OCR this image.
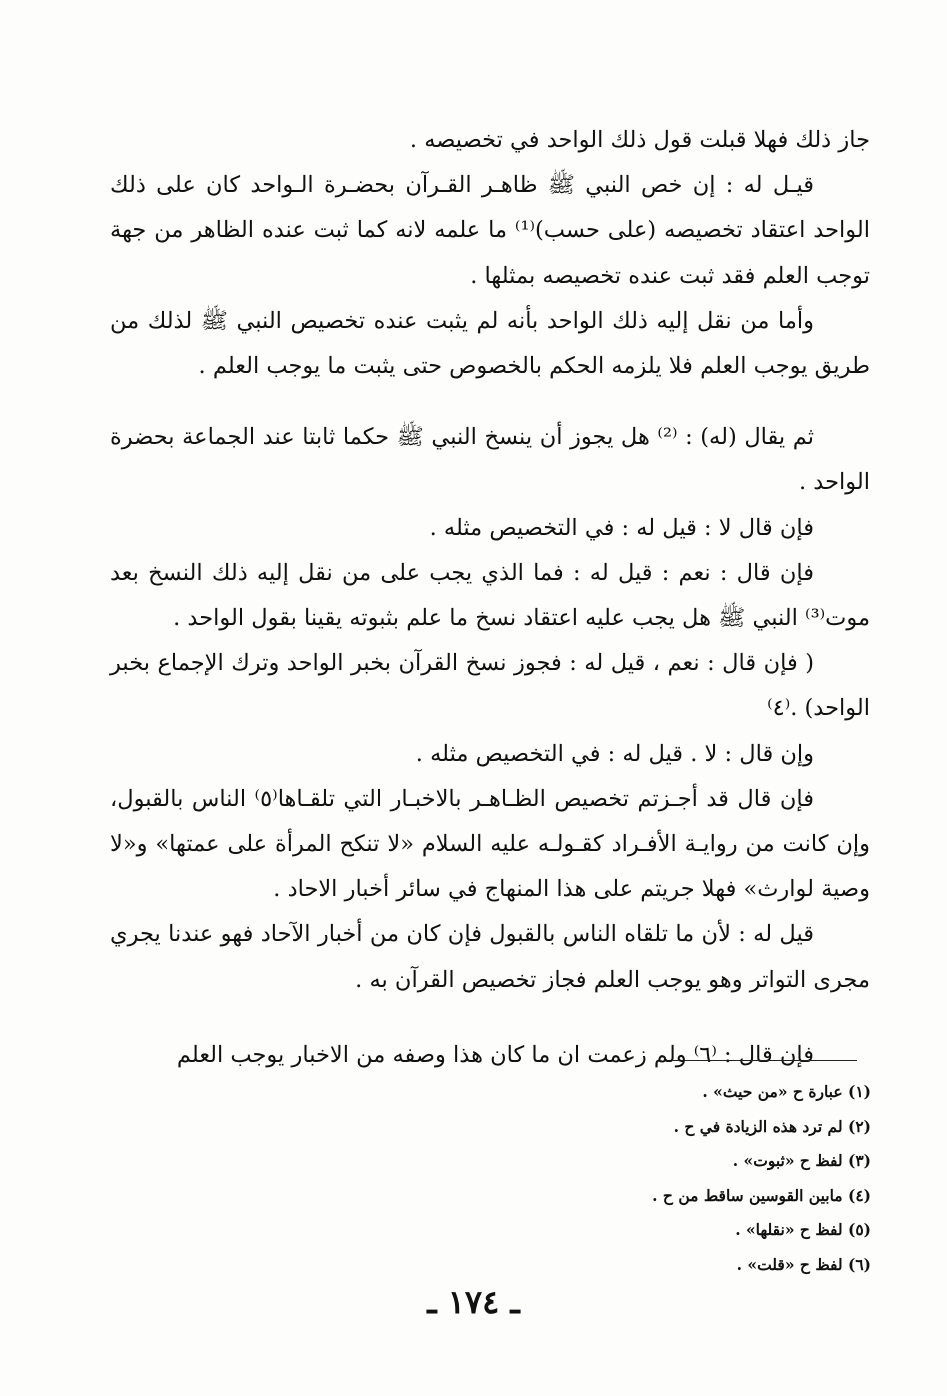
جاز ذلك فهلا قبلت قول ذلك الواحد في تخصيصه .

قيـل له : إن خص النبي ﷺ ظاهـر القـرآن بحضـرة الـواحد كان على ذلك الواحد اعتقاد تخصيصه (على حسب)⁽¹⁾ ما علمه لانه كما ثبت عنده الظاهر من جهة توجب العلم فقد ثبت عنده تخصيصه بمثلها .

وأما من نقل إليه ذلك الواحد بأنه لم يثبت عنده تخصيص النبي ﷺ لذلك من طريق يوجب العلم فلا يلزمه الحكم بالخصوص حتى يثبت ما يوجب العلم .

ثم يقال (له) : ⁽²⁾ هل يجوز أن ينسخ النبي ﷺ حكما ثابتا عند الجماعة بحضرة الواحد .

فإن قال لا : قيل له : في التخصيص مثله .

فإن قال : نعم : قيل له : فما الذي يجب على من نقل إليه ذلك النسخ بعد موت⁽³⁾ النبي ﷺ هل يجب عليه اعتقاد نسخ ما علم بثبوته يقينا بقول الواحد .

( فإن قال : نعم ، قيل له : فجوز نسخ القرآن بخبر الواحد وترك الإجماع بخبر الواحد) .⁽٤⁾

وإن قال : لا . قيل له : في التخصيص مثله .

فإن قال قد أجـزتم تخصيص الظـاهـر بالاخبـار التي تلقـاها⁽٥⁾ الناس بالقبول، وإن كانت من روايـة الأفـراد كقـولـه عليه السلام «لا تنكح المرأة على عمتها» و«لا وصية لوارث» فهلا جريتم على هذا المنهاج في سائر أخبار الاحاد .

قيل له : لأن ما تلقاه الناس بالقبول فإن كان من أخبار الآحاد فهو عندنا يجري مجرى التواتر وهو يوجب العلم فجاز تخصيص القرآن به .

فإن قال : ⁽٦⁾ ولم زعمت ان ما كان هذا وصفه من الاخبار يوجب العلم

(١) عبارة ح «من حيث» .

(٢) لم ترد هذه الزيادة في ح .

(٣) لفظ ح «ثبوت» .

(٤) مابين القوسين ساقط من ح .

(٥) لفظ ح «نقلها» .

(٦) لفظ ح «قلت» .

ـ ١٧٤ ـ
